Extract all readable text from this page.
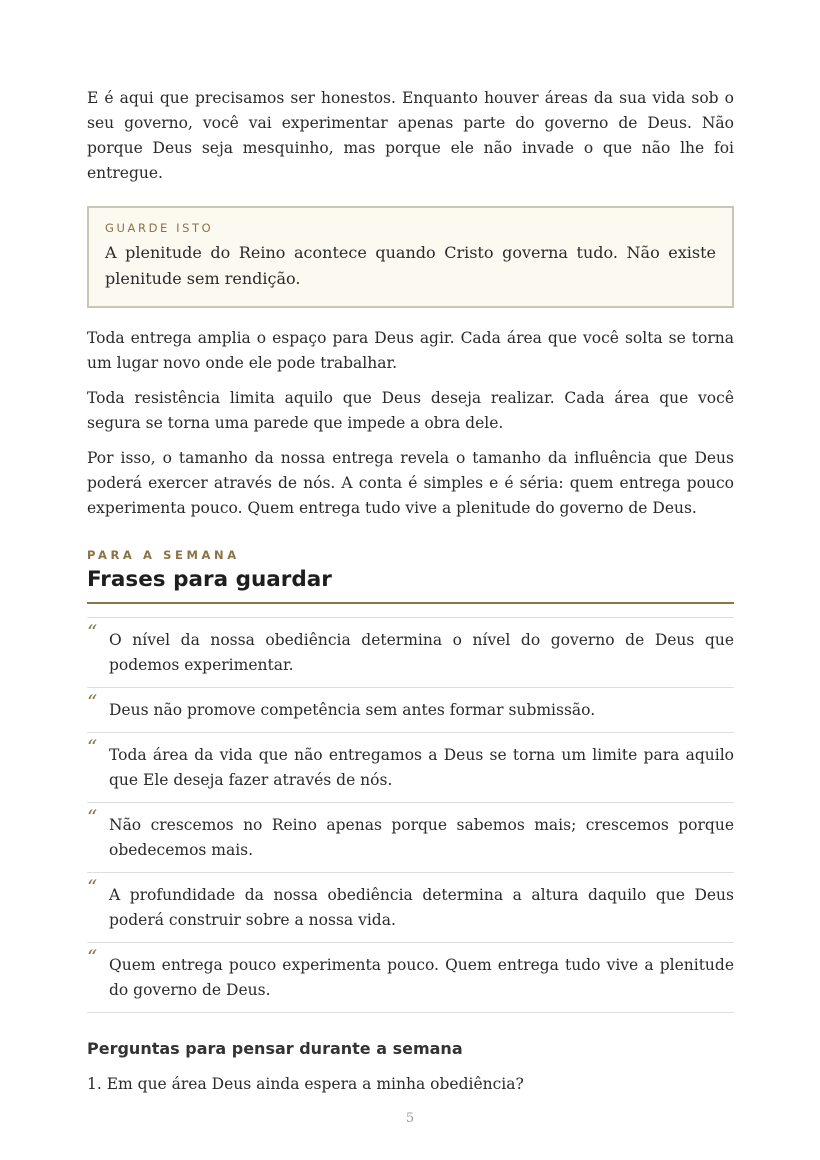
E é aqui que precisamos ser honestos. Enquanto houver áreas da sua vida sob o seu governo, você vai experimentar apenas parte do governo de Deus. Não porque Deus seja mesquinho, mas porque ele não invade o que não lhe foi entregue.

GUARDE ISTO

A plenitude do Reino acontece quando Cristo governa tudo. Não existe plenitude sem rendição.

Toda entrega amplia o espaço para Deus agir. Cada área que você solta se torna um lugar novo onde ele pode trabalhar.

Toda resistência limita aquilo que Deus deseja realizar. Cada área que você segura se torna uma parede que impede a obra dele.

Por isso, o tamanho da nossa entrega revela o tamanho da influência que Deus poderá exercer através de nós. A conta é simples e é séria: quem entrega pouco experimenta pouco. Quem entrega tudo vive a plenitude do governo de Deus.

PARA A SEMANA
Frases para guardar
“ O nível da nossa obediência determina o nível do governo de Deus que podemos experimentar.

“ Deus não promove competência sem antes formar submissão.

“ Toda área da vida que não entregamos a Deus se torna um limite para aquilo que Ele deseja fazer através de nós.

“ Não crescemos no Reino apenas porque sabemos mais; crescemos porque obedecemos mais.

“ A profundidade da nossa obediência determina a altura daquilo que Deus poderá construir sobre a nossa vida.

“ Quem entrega pouco experimenta pouco. Quem entrega tudo vive a plenitude do governo de Deus.

Perguntas para pensar durante a semana

1. Em que área Deus ainda espera a minha obediência?

5
